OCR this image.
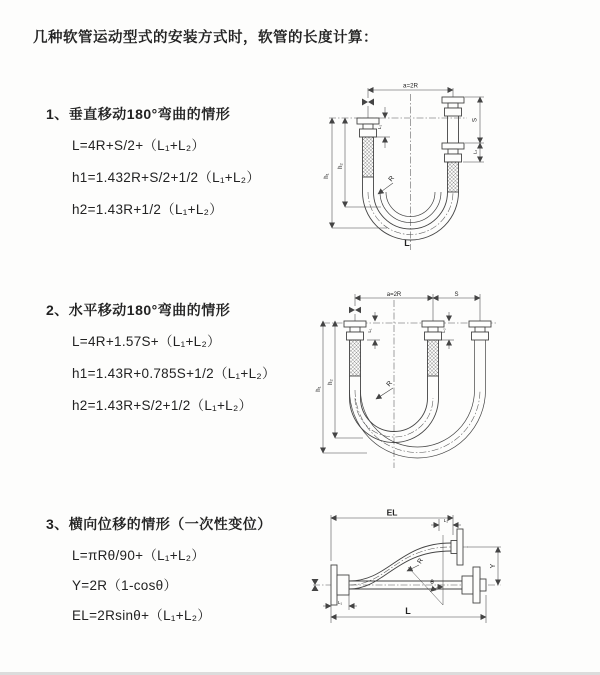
几种软管运动型式的安装方式时，软管的长度计算：
1、垂直移动180°弯曲的情形
L=4R+S/2+（L₁+L₂）
h1=1.432R+S/2+1/2（L₁+L₂）
h2=1.43R+1/2（L₁+L₂）
2、水平移动180°弯曲的情形
L=4R+1.57S+（L₁+L₂）
h1=1.43R+0.785S+1/2（L₁+L₂）
h2=1.43R+S/2+1/2（L₁+L₂）
3、横向位移的情形（一次性变位）
L=πRθ/90+（L₁+L₂）
Y=2R（1-cosθ）
EL=2Rsinθ+（L₁+L₂）
a=2R
h₁
h₂
L₁
S
L₂
R
L
a=2R	S
h₁
h₂
L₁	L₂
R
EL
L₂
Y
L
L₁
R
θ
